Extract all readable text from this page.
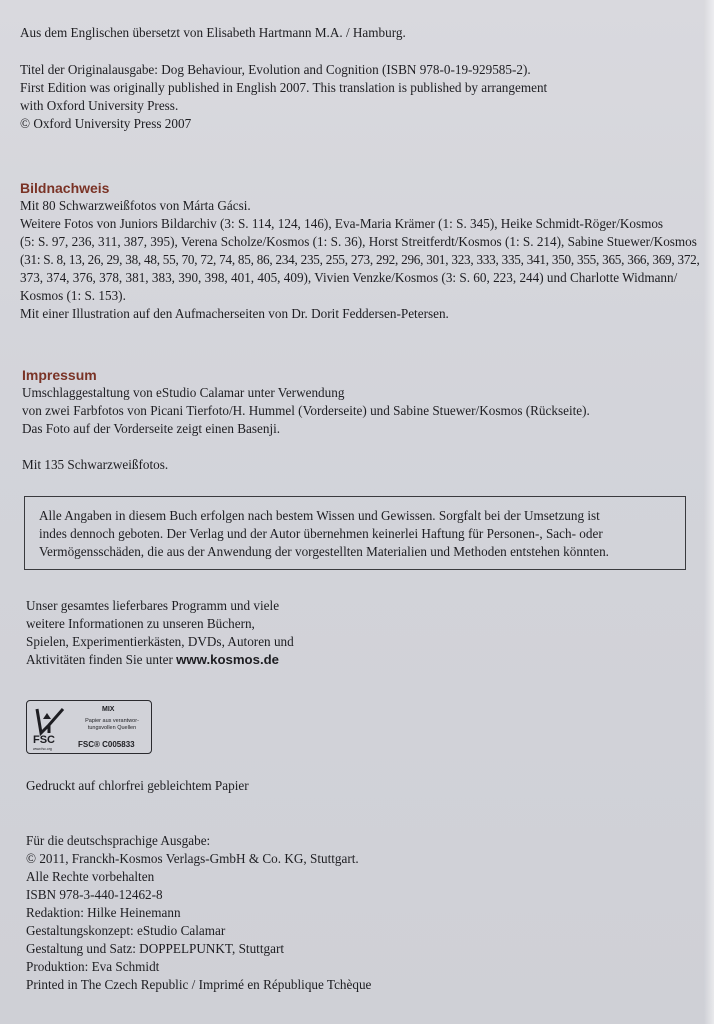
Aus dem Englischen übersetzt von Elisabeth Hartmann M.A. / Hamburg.
Titel der Originalausgabe: Dog Behaviour, Evolution and Cognition (ISBN 978-0-19-929585-2).
First Edition was originally published in English 2007. This translation is published by arrangement
with Oxford University Press.
© Oxford University Press 2007
Bildnachweis
Mit 80 Schwarzweißfotos von Márta Gácsi.
Weitere Fotos von Juniors Bildarchiv (3: S. 114, 124, 146), Eva-Maria Krämer (1: S. 345), Heike Schmidt-Röger/Kosmos
(5: S. 97, 236, 311, 387, 395), Verena Scholze/Kosmos (1: S. 36), Horst Streitferdt/Kosmos (1: S. 214), Sabine Stuewer/Kosmos
(31: S. 8, 13, 26, 29, 38, 48, 55, 70, 72, 74, 85, 86, 234, 235, 255, 273, 292, 296, 301, 323, 333, 335, 341, 350, 355, 365, 366, 369, 372,
373, 374, 376, 378, 381, 383, 390, 398, 401, 405, 409), Vivien Venzke/Kosmos (3: S. 60, 223, 244) und Charlotte Widmann/
Kosmos (1: S. 153).
Mit einer Illustration auf den Aufmacherseiten von Dr. Dorit Feddersen-Petersen.
Impressum
Umschlaggestaltung von eStudio Calamar unter Verwendung
von zwei Farbfotos von Picani Tierfoto/H. Hummel (Vorderseite) und Sabine Stuewer/Kosmos (Rückseite).
Das Foto auf der Vorderseite zeigt einen Basenji.
Mit 135 Schwarzweißfotos.
Alle Angaben in diesem Buch erfolgen nach bestem Wissen und Gewissen. Sorgfalt bei der Umsetzung ist
indes dennoch geboten. Der Verlag und der Autor übernehmen keinerlei Haftung für Personen-, Sach- oder
Vermögensschäden, die aus der Anwendung der vorgestellten Materialien und Methoden entstehen könnten.
Unser gesamtes lieferbares Programm und viele
weitere Informationen zu unseren Büchern,
Spielen, Experimentierkästen, DVDs, Autoren und
Aktivitäten finden Sie unter www.kosmos.de
FSC
www.fsc.org
MIX
Papier aus verantwor-
tungsvollen Quellen
FSC® C005833
Gedruckt auf chlorfrei gebleichtem Papier
Für die deutschsprachige Ausgabe:
© 2011, Franckh-Kosmos Verlags-GmbH & Co. KG, Stuttgart.
Alle Rechte vorbehalten
ISBN 978-3-440-12462-8
Redaktion: Hilke Heinemann
Gestaltungskonzept: eStudio Calamar
Gestaltung und Satz: DOPPELPUNKT, Stuttgart
Produktion: Eva Schmidt
Printed in The Czech Republic / Imprimé en République Tchèque
